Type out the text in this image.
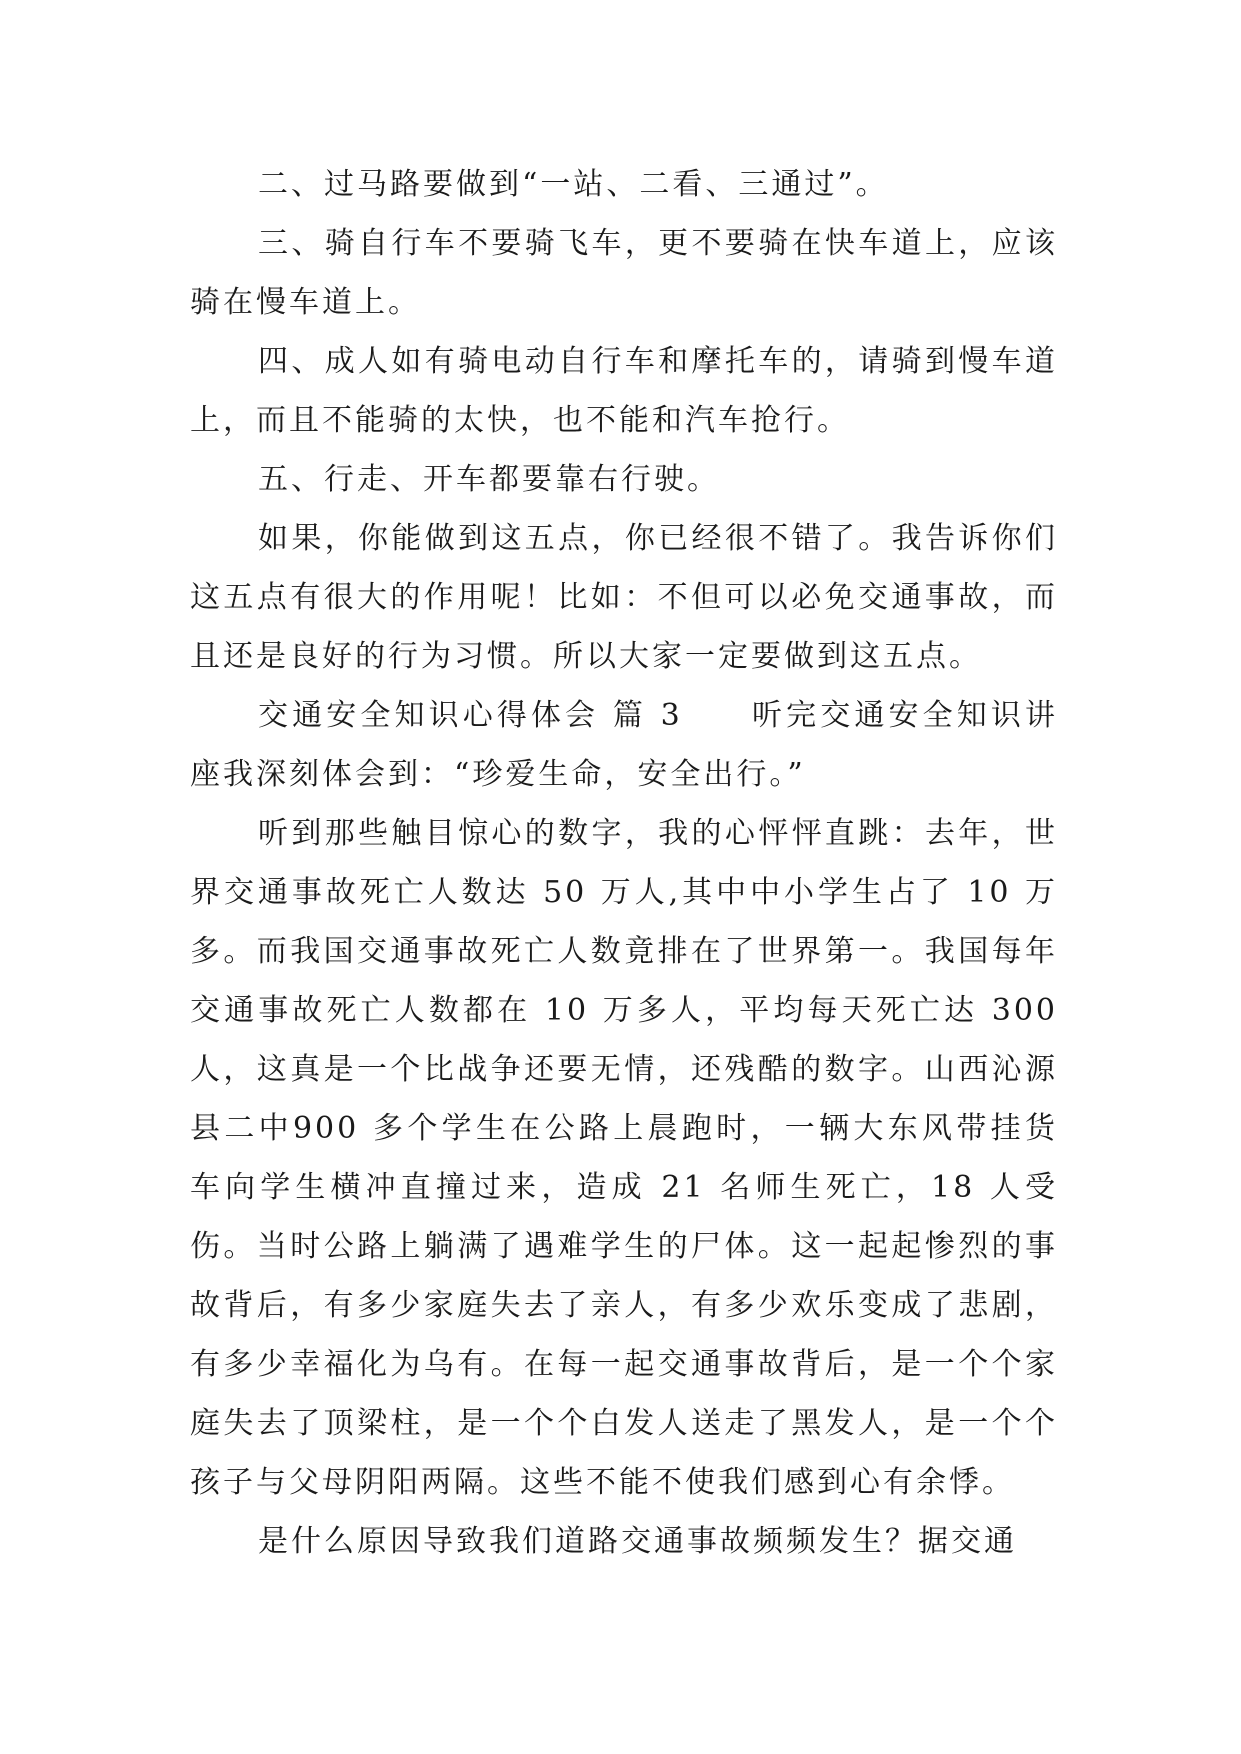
二、过马路要做到“一站、二看、三通过”。

三、骑自行车不要骑飞车，更不要骑在快车道上，应该骑在慢车道上。

四、成人如有骑电动自行车和摩托车的，请骑到慢车道上，而且不能骑的太快，也不能和汽车抢行。

五、行走、开车都要靠右行驶。

如果，你能做到这五点，你已经很不错了。我告诉你们这五点有很大的作用呢！比如：不但可以必免交通事故，而且还是良好的行为习惯。所以大家一定要做到这五点。

交通安全知识心得体会 篇 3　　听完交通安全知识讲座我深刻体会到：“珍爱生命，安全出行。”

听到那些触目惊心的数字，我的心怦怦直跳：去年，世界交通事故死亡人数达 50 万人,其中中小学生占了 10 万多。而我国交通事故死亡人数竟排在了世界第一。我国每年交通事故死亡人数都在 10 万多人，平均每天死亡达 300 人，这真是一个比战争还要无情，还残酷的数字。山西沁源县二中900 多个学生在公路上晨跑时，一辆大东风带挂货车向学生横冲直撞过来，造成 21 名师生死亡，18 人受伤。当时公路上躺满了遇难学生的尸体。这一起起惨烈的事故背后，有多少家庭失去了亲人，有多少欢乐变成了悲剧，有多少幸福化为乌有。在每一起交通事故背后，是一个个家庭失去了顶梁柱，是一个个白发人送走了黑发人，是一个个孩子与父母阴阳两隔。这些不能不使我们感到心有余悸。

是什么原因导致我们道路交通事故频频发生？据交通
